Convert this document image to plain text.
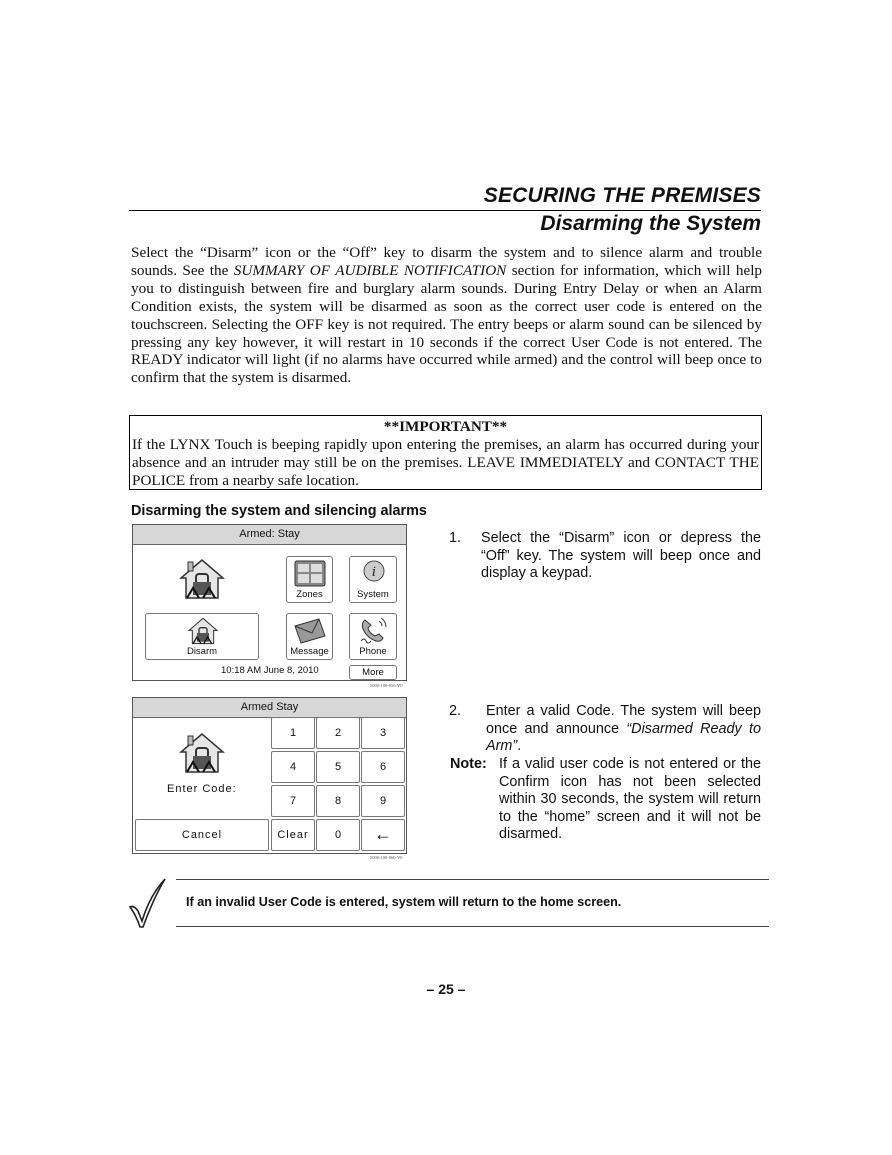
SECURING THE PREMISES
Disarming the System
Select the “Disarm” icon or the “Off” key to disarm the system and to silence alarm and trouble sounds. See the SUMMARY OF AUDIBLE NOTIFICATION section for information, which will help you to distinguish between fire and burglary alarm sounds. During Entry Delay or when an Alarm Condition exists, the system will be disarmed as soon as the correct user code is entered on the touchscreen. Selecting the OFF key is not required. The entry beeps or alarm sound can be silenced by pressing any key however, it will restart in 10 seconds if the correct User Code is not entered. The READY indicator will light (if no alarms have occurred while armed) and the control will beep once to confirm that the system is disarmed.
**IMPORTANT**
If the LYNX Touch is beeping rapidly upon entering the premises, an alarm has occurred during your absence and an intruder may still be on the premises. LEAVE IMMEDIATELY and CONTACT THE POLICE from a nearby safe location.
Disarming the system and silencing alarms
Armed: Stay
Zones
i
System
Disarm	Message	Phone
10:18 AM June 8, 2010	More
5000-100-056-V0
Armed Stay
Enter Code:
Cancel
1	2	3
4	5	6
7	8	9
Clear	0	←
5000-100-060-V0
1. Select the “Disarm” icon or depress the “Off” key. The system will beep once and display a keypad.
2. Enter a valid Code. The system will beep once and announce “Disarmed Ready to Arm”.
Note: If a valid user code is not entered or the Confirm icon has not been selected within 30 seconds, the system will return to the “home” screen and it will not be disarmed.
If an invalid User Code is entered, system will return to the home screen.
– 25 –
